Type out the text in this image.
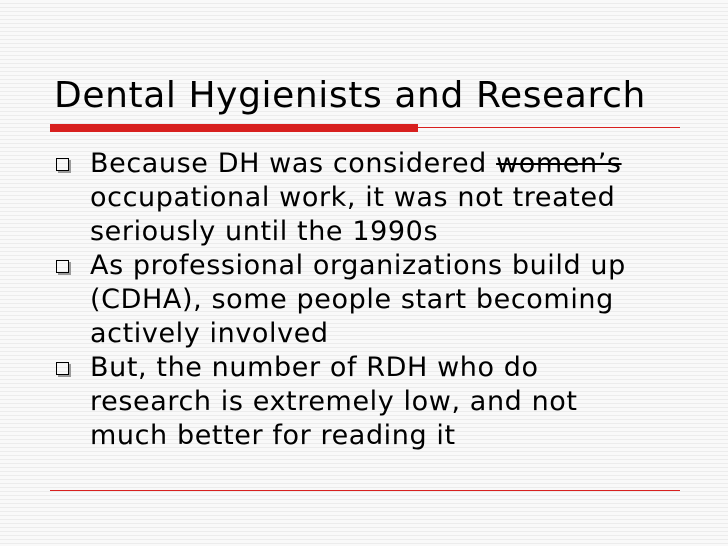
Dental Hygienists and Research
Because DH was considered women’s
occupational work, it was not treated
seriously until the 1990s
As professional organizations build up
(CDHA), some people start becoming
actively involved
But, the number of RDH who do
research is extremely low, and not
much better for reading it
